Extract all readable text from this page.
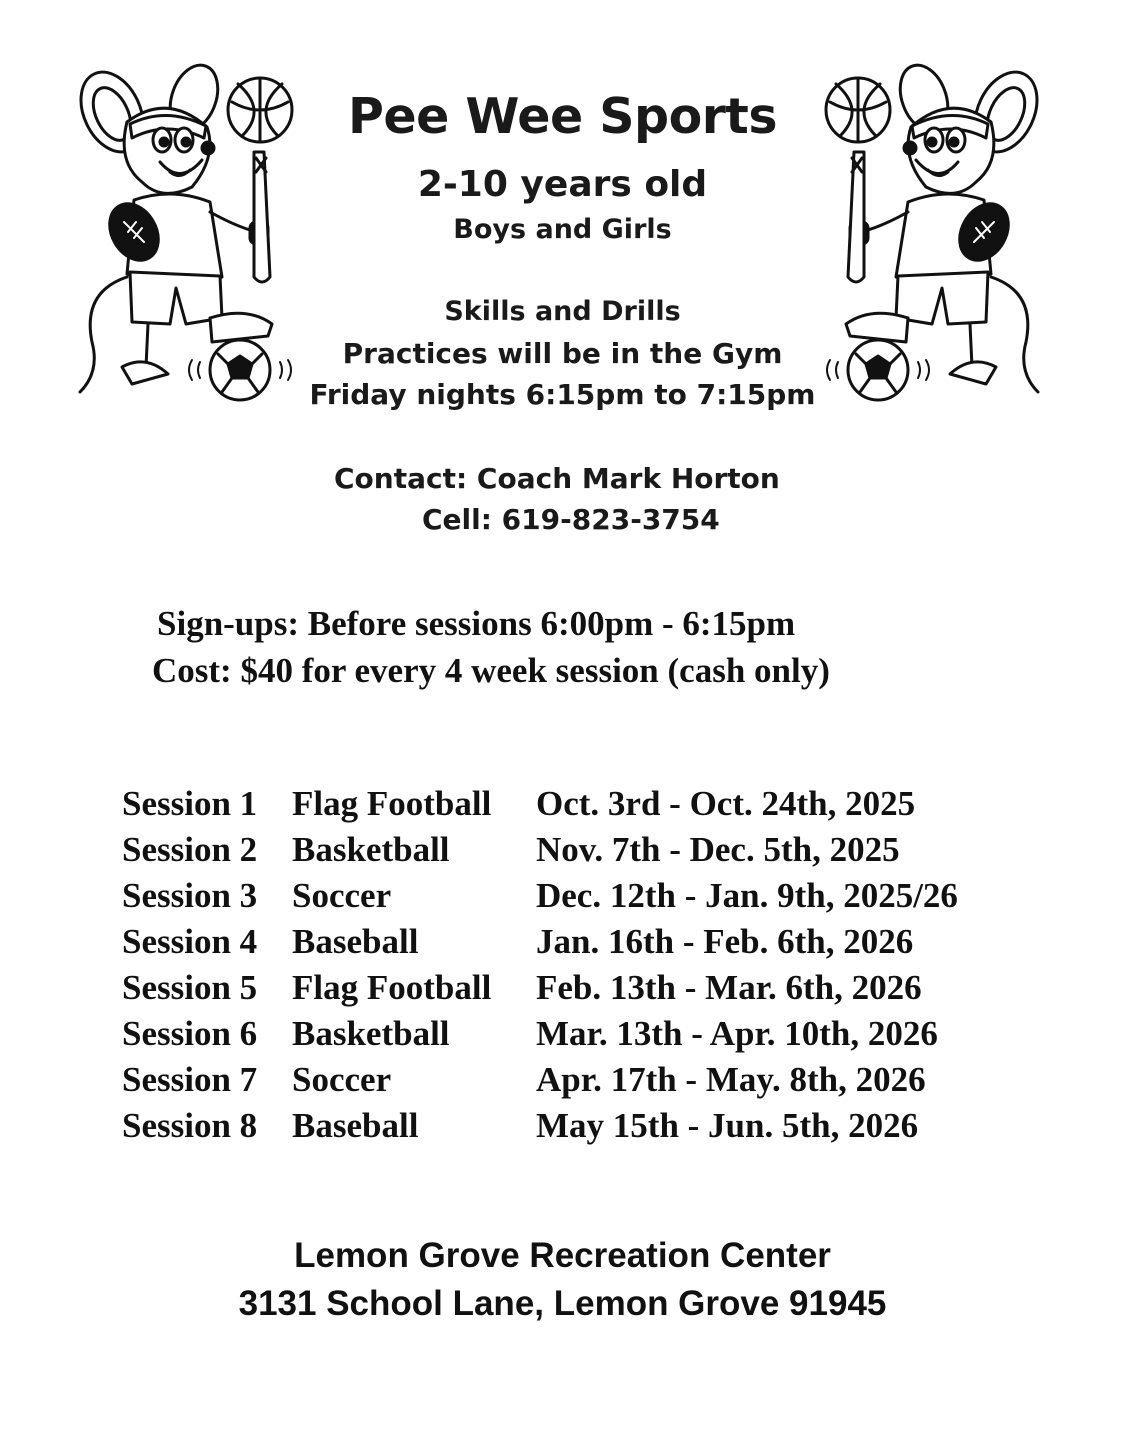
Pee Wee Sports
2-10 years old
Boys and Girls
Skills and Drills
Practices will be in the Gym
Friday nights 6:15pm to 7:15pm
Contact: Coach Mark Horton
Cell: 619-823-3754
Sign-ups: Before sessions 6:00pm - 6:15pm
Cost: $40 for every 4 week session (cash only)
Session 1 Flag Football Oct. 3rd - Oct. 24th, 2025
Session 2 Basketball Nov. 7th - Dec. 5th, 2025
Session 3 Soccer	Dec. 12th - Jan. 9th, 2025/26
Session 4 Baseball	Jan. 16th - Feb. 6th, 2026
Session 5 Flag Football Feb. 13th - Mar. 6th, 2026
Session 6 Basketball Mar. 13th - Apr. 10th, 2026
Session 7 Soccer	Apr. 17th - May. 8th, 2026
Session 8 Baseball	May 15th - Jun. 5th, 2026
Lemon Grove Recreation Center
3131 School Lane, Lemon Grove 91945
